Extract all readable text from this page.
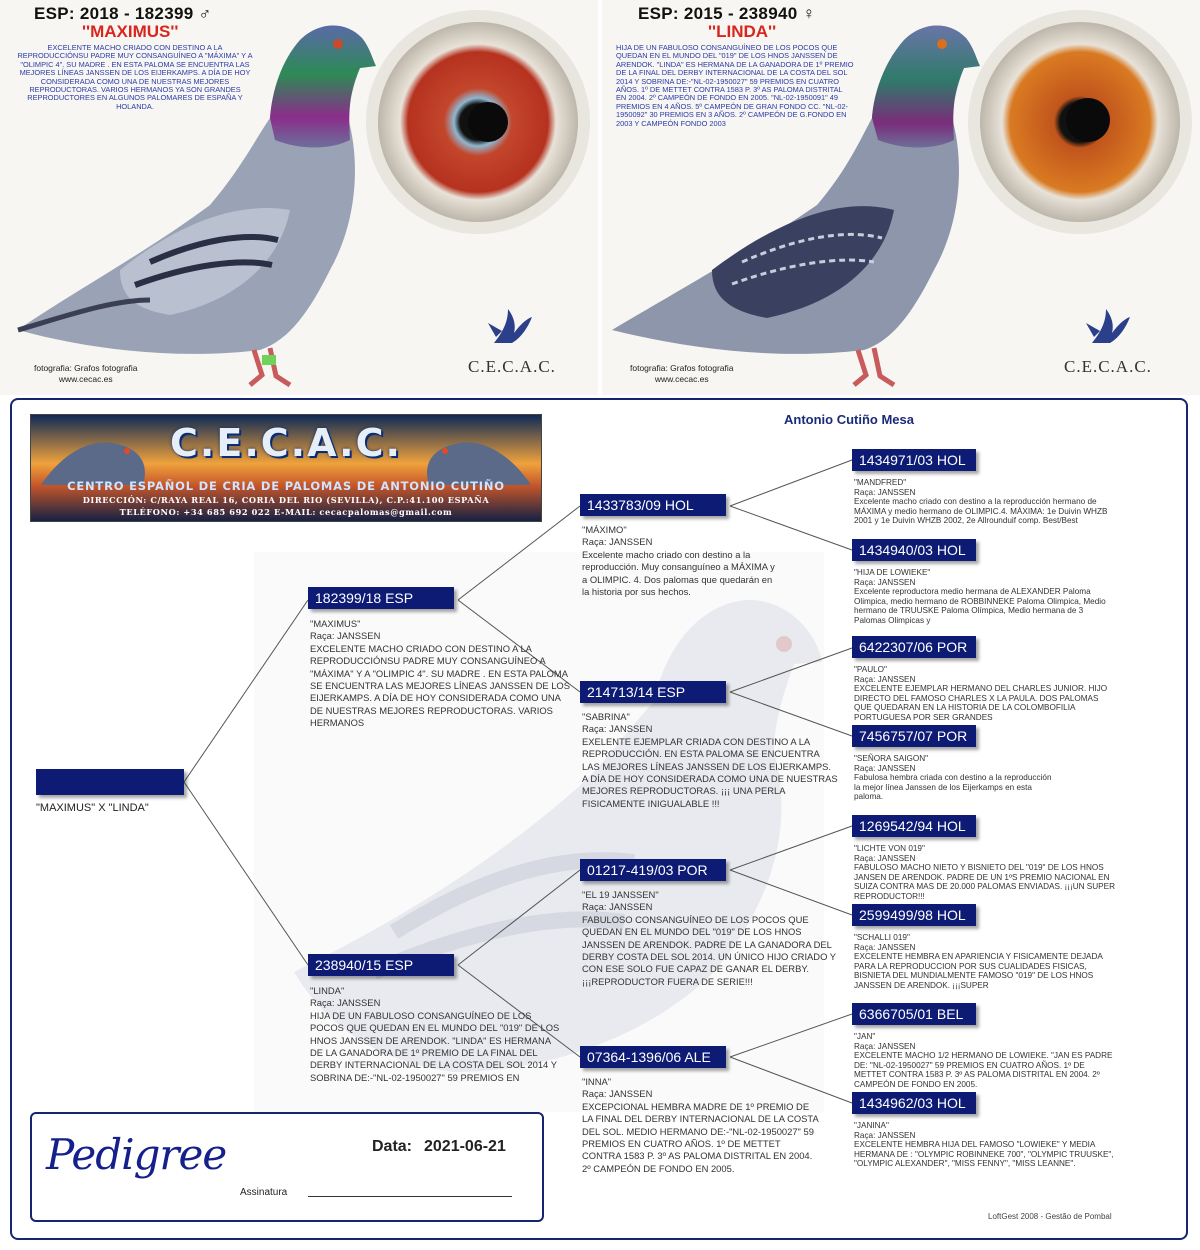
ESP: 2018 - 182399 ♂
''MAXIMUS''
EXCELENTE MACHO CRIADO CON DESTINO A LA REPRODUCCIÓNSU PADRE MUY CONSANGUÍNEO A "MÁXIMA" Y A "OLIMPIC 4". SU MADRE . EN ESTA PALOMA SE ENCUENTRA LAS MEJORES LÍNEAS JANSSEN DE LOS EIJERKAMPS. A DÍA DE HOY CONSIDERADA COMO UNA DE NUESTRAS MEJORES REPRODUCTORAS. VARIOS HERMANOS YA SON GRANDES REPRODUCTORES EN ALGUNOS PALOMARES DE ESPAÑA Y HOLANDA.
fotografia: Grafos fotografia
www.cecac.es
C.E.C.A.C.
ESP: 2015 - 238940 ♀
''LINDA''
HIJA DE UN FABULOSO CONSANGUÍNEO DE LOS POCOS QUE QUEDAN EN EL MUNDO DEL "019" DE LOS HNOS JANSSEN DE ARENDOK. "LINDA" ES HERMANA DE LA GANADORA DE 1º PREMIO DE LA FINAL DEL DERBY INTERNACIONAL DE LA COSTA DEL SOL 2014 Y SOBRINA DE:-"NL-02-1950027" 59 PREMIOS EN CUATRO AÑOS. 1º DE METTET CONTRA 1583 P. 3º AS PALOMA DISTRITAL EN 2004. 2º CAMPEÓN DE FONDO EN 2005. "NL-02-1950091" 49 PREMIOS EN 4 AÑOS. 5º CAMPEÓN DE GRAN FONDO CC. "NL-02-1950092" 30 PREMIOS EN 3 AÑOS. 2º CAMPEÓN DE G.FONDO EN 2003 Y CAMPEÓN FONDO 2003
fotografia: Grafos fotografia
www.cecac.es
C.E.C.A.C.
C.E.C.A.C.
CENTRO ESPAÑOL DE CRIA DE PALOMAS DE ANTONIO CUTIÑO
DIRECCIÓN: C/RAYA REAL 16, CORIA DEL RIO (SEVILLA), C.P.:41.100 ESPAÑA
TELÉFONO: +34 685 692 022 E-MAIL: cecacpalomas@gmail.com
Antonio Cutiño Mesa
"MAXIMUS" X "LINDA"
182399/18 ESP
"MAXIMUS"
Raça: JANSSEN
EXCELENTE MACHO CRIADO CON DESTINO A LA REPRODUCCIÓNSU PADRE MUY CONSANGUÍNEO A "MÁXIMA" Y A "OLIMPIC 4". SU MADRE . EN ESTA PALOMA SE ENCUENTRA LAS MEJORES LÍNEAS JANSSEN DE LOS EIJERKAMPS. A DÍA DE HOY CONSIDERADA COMO UNA DE NUESTRAS MEJORES REPRODUCTORAS. VARIOS HERMANOS
238940/15 ESP
"LINDA"
Raça: JANSSEN
HIJA DE UN FABULOSO CONSANGUÍNEO DE LOS POCOS QUE QUEDAN EN EL MUNDO DEL "019" DE LOS HNOS JANSSEN DE ARENDOK. "LINDA" ES HERMANA DE LA GANADORA DE 1º PREMIO DE LA FINAL DEL DERBY INTERNACIONAL DE LA COSTA DEL SOL 2014 Y SOBRINA DE:-"NL-02-1950027" 59 PREMIOS EN
1433783/09 HOL
"MÁXIMO"
Raça: JANSSEN
Excelente macho criado con destino a la reproducción. Muy consanguíneo a MÁXIMA y a OLIMPIC. 4. Dos palomas que quedarán en la historia por sus hechos.
214713/14 ESP
"SABRINA"
Raça: JANSSEN
EXELENTE EJEMPLAR CRIADA CON DESTINO A LA REPRODUCCIÓN. EN ESTA PALOMA SE ENCUENTRA LAS MEJORES LÍNEAS JANSSEN DE LOS EIJERKAMPS. A DÍA DE HOY CONSIDERADA COMO UNA DE NUESTRAS MEJORES REPRODUCTORAS. ¡¡¡ UNA PERLA FISICAMENTE INIGUALABLE !!!
01217-419/03 POR
"EL 19 JANSSEN"
Raça: JANSSEN
FABULOSO CONSANGUÍNEO DE LOS POCOS QUE QUEDAN EN EL MUNDO DEL "019" DE LOS HNOS JANSSEN DE ARENDOK. PADRE DE LA GANADORA DEL DERBY COSTA DEL SOL 2014. UN ÚNICO HIJO CRIADO Y CON ESE SOLO FUE CAPAZ DE GANAR EL DERBY. ¡¡¡REPRODUCTOR FUERA DE SERIE!!!
07364-1396/06 ALE
"INNA"
Raça: JANSSEN
EXCEPCIONAL HEMBRA MADRE DE 1º PREMIO DE LA FINAL DEL DERBY INTERNACIONAL DE LA COSTA DEL SOL. MEDIO HERMANO DE:-"NL-02-1950027" 59 PREMIOS EN CUATRO AÑOS. 1º DE METTET CONTRA 1583 P. 3º AS PALOMA DISTRITAL EN 2004. 2º CAMPEÓN DE FONDO EN 2005.
1434971/03 HOL
"MANDFRED"
Raça: JANSSEN
Excelente macho criado con destino a la reproducción hermano de MÁXIMA y medio hermano de OLIMPIC.4. MÁXIMA: 1e Duivin WHZB 2001 y 1e Duivin WHZB 2002, 2e Allrounduif comp. Best/Best
1434940/03 HOL
"HIJA DE LOWIEKE"
Raça: JANSSEN
Excelente reproductora medio hermana de ALEXANDER Paloma Olimpica, medio hermano de ROBBINNEKE Paloma Olimpica, Medio hermano de TRUUSKE Paloma Olímpica, Medio hermana de 3 Palomas Olimpicas y
6422307/06 POR
"PAULO"
Raça: JANSSEN
EXCELENTE EJEMPLAR HERMANO DEL CHARLES JUNIOR. HIJO DIRECTO DEL FAMOSO CHARLES X LA PAULA. DOS PALOMAS QUE QUEDARAN EN LA HISTORIA DE LA COLOMBOFILIA PORTUGUESA POR SER GRANDES
7456757/07 POR
"SEÑORA SAIGON"
Raça: JANSSEN
Fabulosa hembra criada con destino a la reproducción la mejor línea Janssen de los Eijerkamps en esta paloma.
1269542/94 HOL
"LICHTE VON 019"
Raça: JANSSEN
FABULOSO MACHO NIETO Y BISNIETO DEL "019" DE LOS HNOS JANSEN DE ARENDOK. PADRE DE UN 1ºS PREMIO NACIONAL EN SUIZA CONTRA MAS DE 20.000 PALOMAS ENVIADAS. ¡¡¡UN SUPER REPRODUCTOR!!!
2599499/98 HOL
"SCHALLI 019"
Raça: JANSSEN
EXCELENTE HEMBRA EN APARIENCIA Y FISICAMENTE DEJADA PARA LA REPRODUCCION POR SUS CUALIDADES FISICAS, BISNIETA DEL MUNDIALMENTE FAMOSO "019" DE LOS HNOS JANSSEN DE ARENDOK. ¡¡¡SUPER
6366705/01 BEL
"JAN"
Raça: JANSSEN
EXCELENTE MACHO 1/2 HERMANO DE LOWIEKE. "JAN ES PADRE DE: "NL-02-1950027" 59 PREMIOS EN CUATRO AÑOS. 1º DE METTET CONTRA 1583 P. 3º AS PALOMA DISTRITAL EN 2004. 2º CAMPEÓN DE FONDO EN 2005.
1434962/03 HOL
"JANINA"
Raça: JANSSEN
EXCELENTE HEMBRA HIJA DEL FAMOSO "LOWIEKE" Y MEDIA HERMANA DE : "OLYMPIC ROBINNEKE 700", "OLYMPIC TRUUSKE", "OLYMPIC ALEXANDER", "MISS FENNY", "MISS LEANNE".
Pedigree	Data: 2021-06-21
Assinatura
LoftGest 2008 - Gestão de Pombal
